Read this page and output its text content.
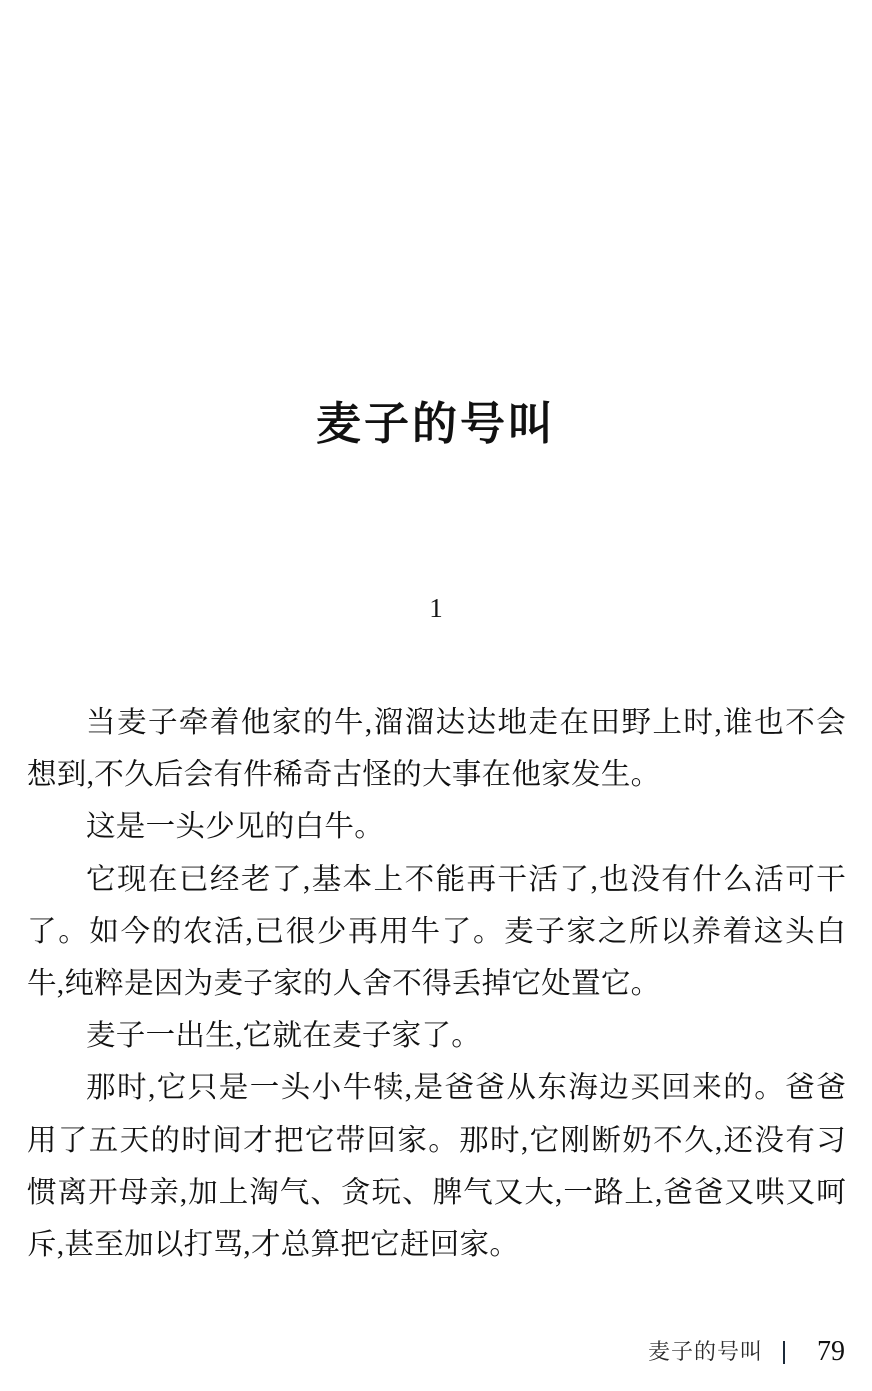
麦子的号叫
1

当麦子牵着他家的牛,溜溜达达地走在田野上时,谁也不会想到,不久后会有件稀奇古怪的大事在他家发生。

这是一头少见的白牛。

它现在已经老了,基本上不能再干活了,也没有什么活可干了。如今的农活,已很少再用牛了。麦子家之所以养着这头白牛,纯粹是因为麦子家的人舍不得丢掉它处置它。

麦子一出生,它就在麦子家了。

那时,它只是一头小牛犊,是爸爸从东海边买回来的。爸爸用了五天的时间才把它带回家。那时,它刚断奶不久,还没有习惯离开母亲,加上淘气、贪玩、脾气又大,一路上,爸爸又哄又呵斥,甚至加以打骂,才总算把它赶回家。

麦子的号叫	79
